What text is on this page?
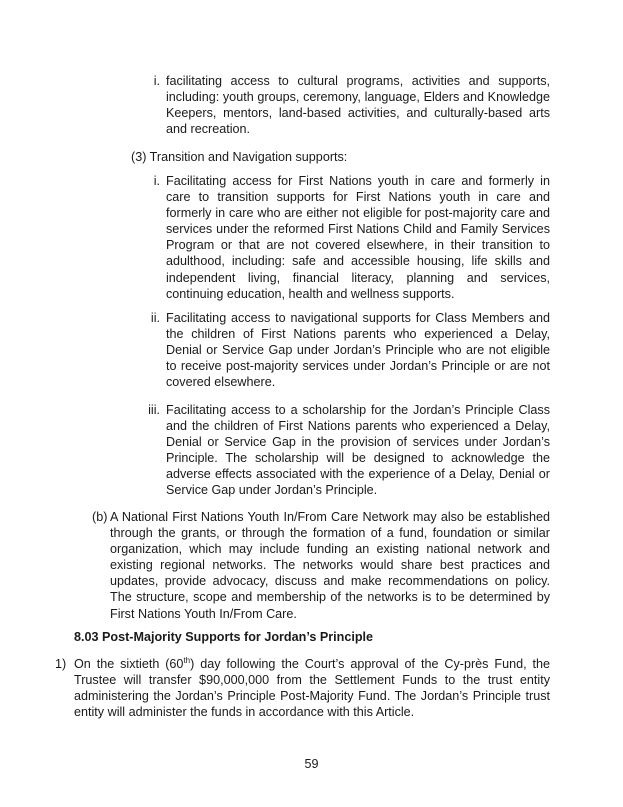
i. facilitating access to cultural programs, activities and supports, including: youth groups, ceremony, language, Elders and Knowledge Keepers, mentors, land-based activities, and culturally-based arts and recreation.
(3) Transition and Navigation supports:
i. Facilitating access for First Nations youth in care and formerly in care to transition supports for First Nations youth in care and formerly in care who are either not eligible for post-majority care and services under the reformed First Nations Child and Family Services Program or that are not covered elsewhere, in their transition to adulthood, including: safe and accessible housing, life skills and independent living, financial literacy, planning and services, continuing education, health and wellness supports.
ii. Facilitating access to navigational supports for Class Members and the children of First Nations parents who experienced a Delay, Denial or Service Gap under Jordan’s Principle who are not eligible to receive post-majority services under Jordan’s Principle or are not covered elsewhere.
iii. Facilitating access to a scholarship for the Jordan’s Principle Class and the children of First Nations parents who experienced a Delay, Denial or Service Gap in the provision of services under Jordan’s Principle. The scholarship will be designed to acknowledge the adverse effects associated with the experience of a Delay, Denial or Service Gap under Jordan’s Principle.
(b) A National First Nations Youth In/From Care Network may also be established through the grants, or through the formation of a fund, foundation or similar organization, which may include funding an existing national network and existing regional networks. The networks would share best practices and updates, provide advocacy, discuss and make recommendations on policy. The structure, scope and membership of the networks is to be determined by First Nations Youth In/From Care.
8.03 Post-Majority Supports for Jordan’s Principle
1) On the sixtieth (60th) day following the Court’s approval of the Cy-près Fund, the Trustee will transfer $90,000,000 from the Settlement Funds to the trust entity administering the Jordan’s Principle Post-Majority Fund. The Jordan’s Principle trust entity will administer the funds in accordance with this Article.
59
